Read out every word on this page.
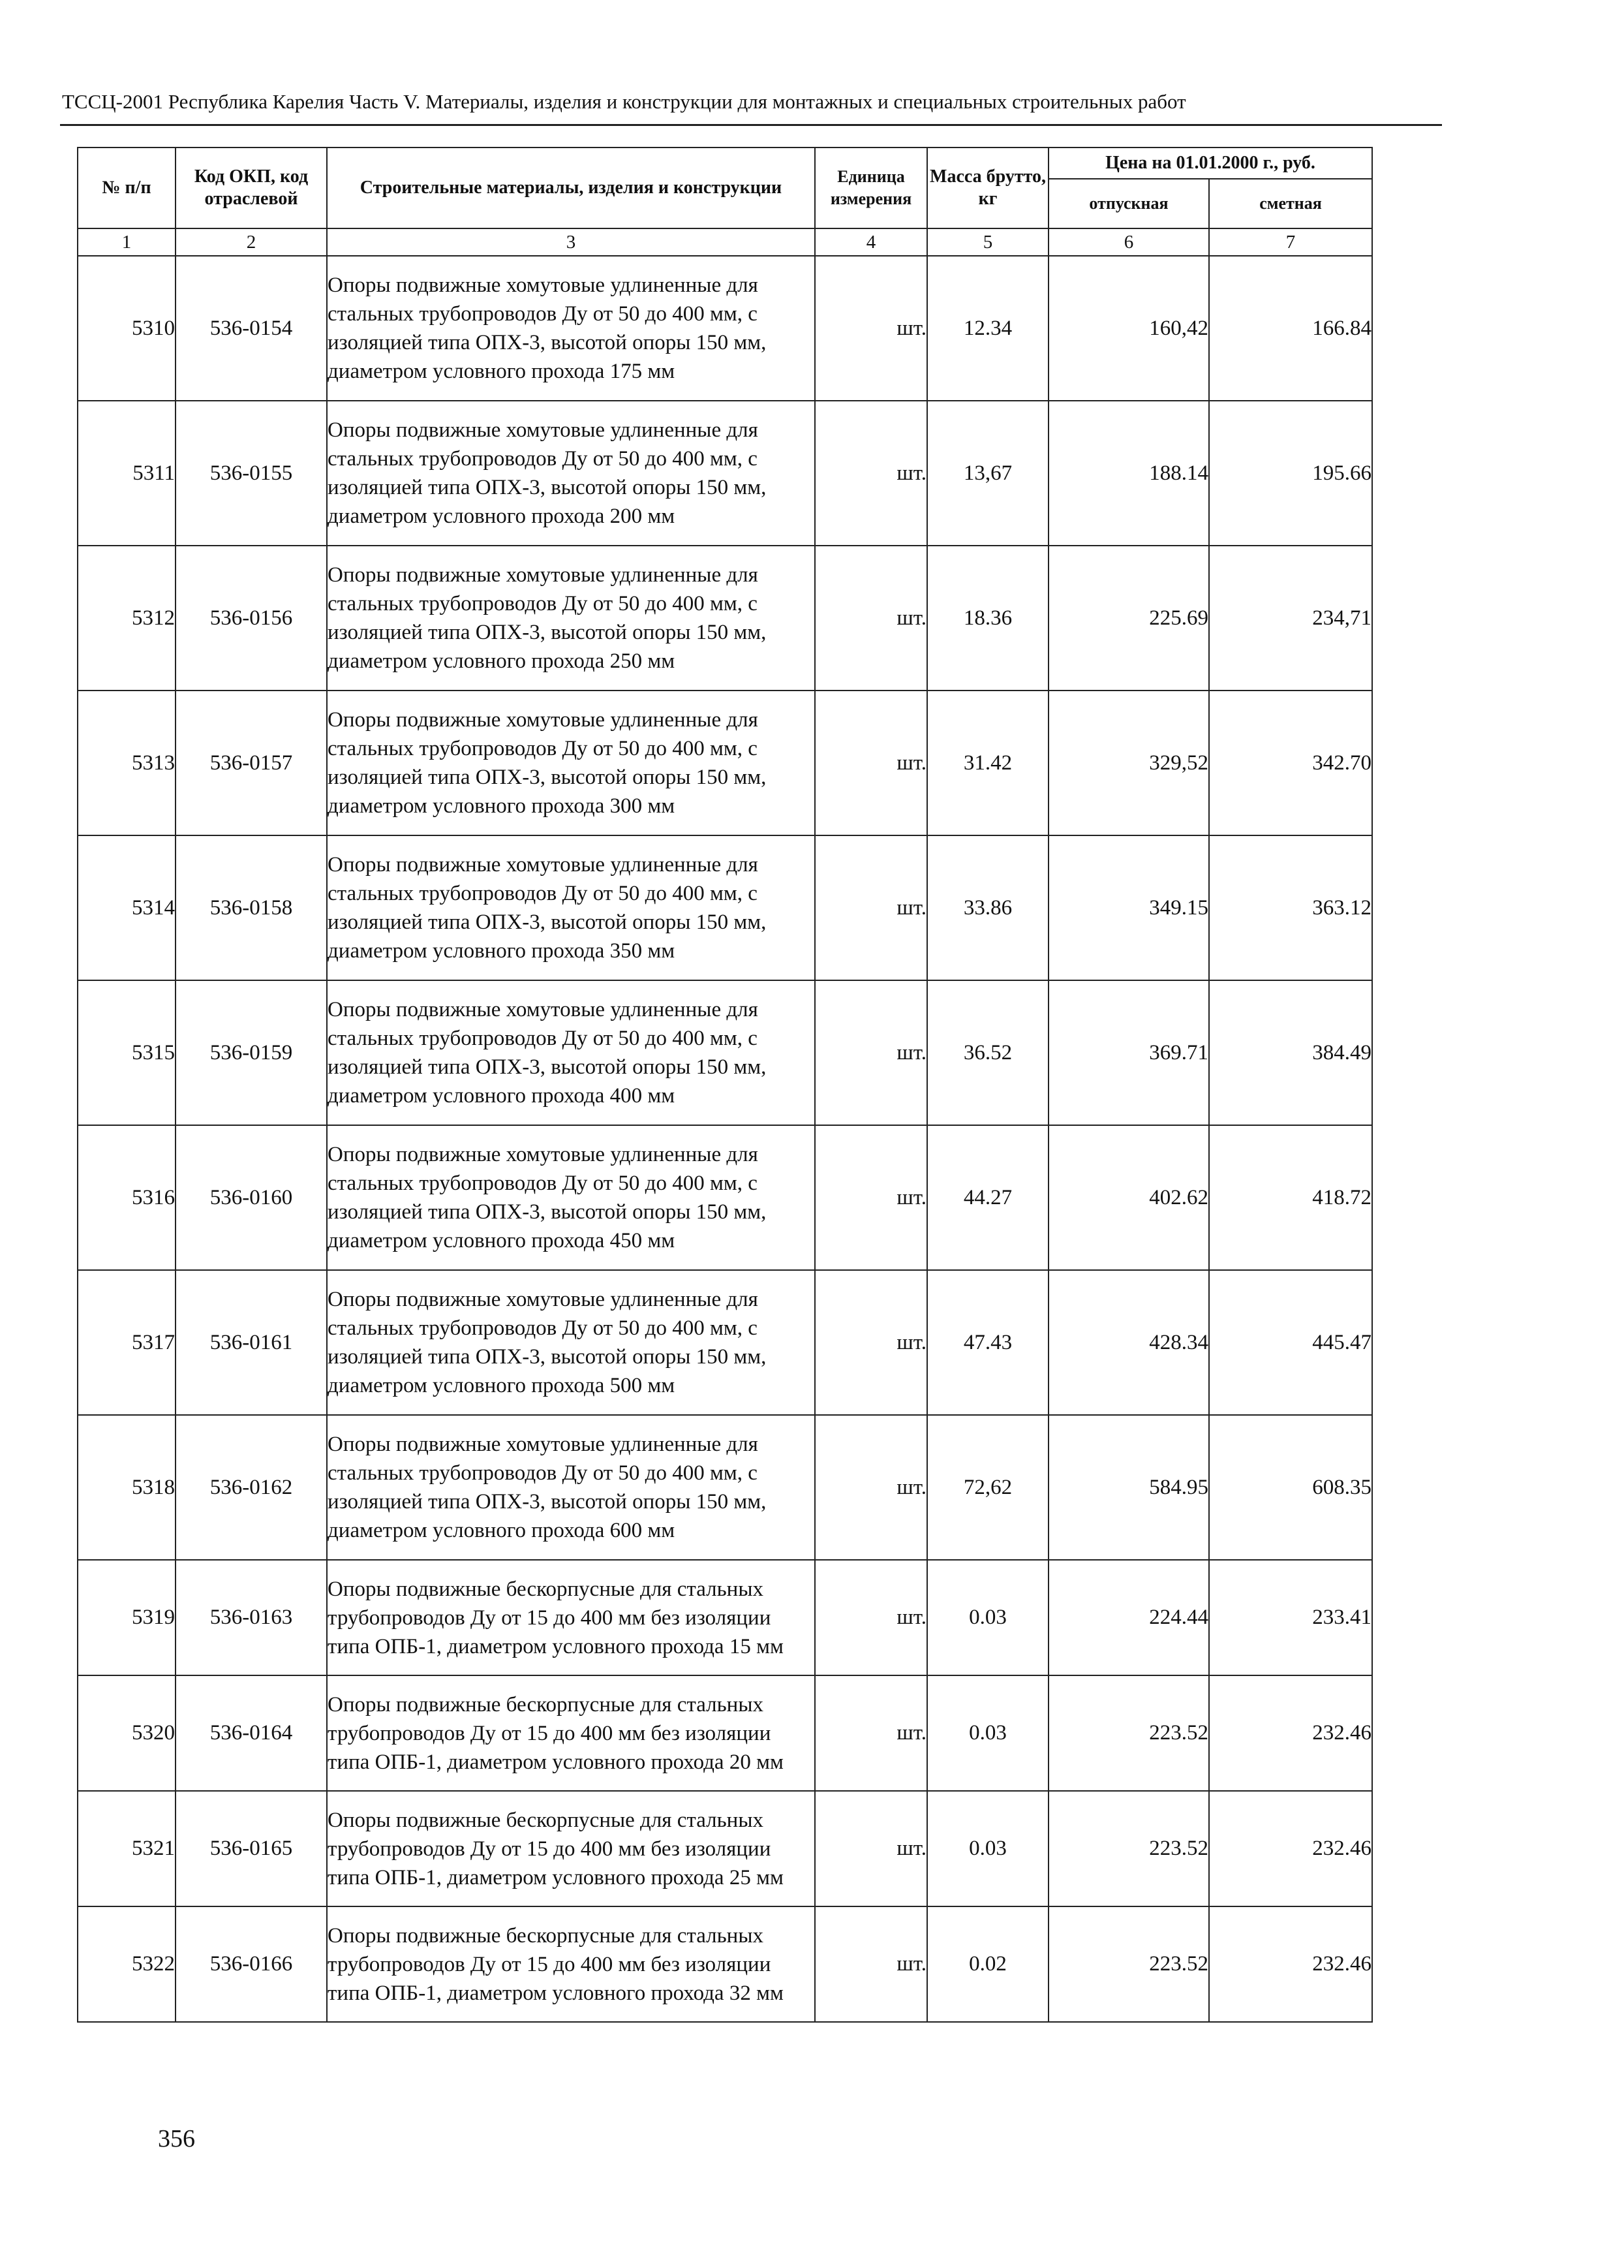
ТССЦ-2001 Республика Карелия Часть V. Материалы, изделия и конструкции для монтажных и специальных строительных работ
№ п/п	Код ОКП, код отраслевой	Строительные материалы, изделия и конструкции	Единица измерения	Масса брутто, кг	Цена на 01.01.2000 г., руб.	
					отпускная	сметная
1	2	3	4	5	6	7
5310	536-0154	Опоры подвижные хомутовые удлиненные для стальных трубопроводов Ду от 50 до 400 мм, с изоляцией типа ОПХ-3, высотой опоры 150 мм, диаметром условного прохода 175 мм	шт.	12.34	160,42	166.84
5311	536-0155	Опоры подвижные хомутовые удлиненные для стальных трубопроводов Ду от 50 до 400 мм, с изоляцией типа ОПХ-3, высотой опоры 150 мм, диаметром условного прохода 200 мм	шт.	13,67	188.14	195.66
5312	536-0156	Опоры подвижные хомутовые удлиненные для стальных трубопроводов Ду от 50 до 400 мм, с изоляцией типа ОПХ-3, высотой опоры 150 мм, диаметром условного прохода 250 мм	шт.	18.36	225.69	234,71
5313	536-0157	Опоры подвижные хомутовые удлиненные для стальных трубопроводов Ду от 50 до 400 мм, с изоляцией типа ОПХ-3, высотой опоры 150 мм, диаметром условного прохода 300 мм	шт.	31.42	329,52	342.70
5314	536-0158	Опоры подвижные хомутовые удлиненные для стальных трубопроводов Ду от 50 до 400 мм, с изоляцией типа ОПХ-3, высотой опоры 150 мм, диаметром условного прохода 350 мм	шт.	33.86	349.15	363.12
5315	536-0159	Опоры подвижные хомутовые удлиненные для стальных трубопроводов Ду от 50 до 400 мм, с изоляцией типа ОПХ-3, высотой опоры 150 мм, диаметром условного прохода 400 мм	шт.	36.52	369.71	384.49
5316	536-0160	Опоры подвижные хомутовые удлиненные для стальных трубопроводов Ду от 50 до 400 мм, с изоляцией типа ОПХ-3, высотой опоры 150 мм, диаметром условного прохода 450 мм	шт.	44.27	402.62	418.72
5317	536-0161	Опоры подвижные хомутовые удлиненные для стальных трубопроводов Ду от 50 до 400 мм, с изоляцией типа ОПХ-3, высотой опоры 150 мм, диаметром условного прохода 500 мм	шт.	47.43	428.34	445.47
5318	536-0162	Опоры подвижные хомутовые удлиненные для стальных трубопроводов Ду от 50 до 400 мм, с изоляцией типа ОПХ-3, высотой опоры 150 мм, диаметром условного прохода 600 мм	шт.	72,62	584.95	608.35
5319	536-0163	Опоры подвижные бескорпусные для стальных трубопроводов Ду от 15 до 400 мм без изоляции типа ОПБ-1, диаметром условного прохода 15 мм	шт.	0.03	224.44	233.41
5320	536-0164	Опоры подвижные бескорпусные для стальных трубопроводов Ду от 15 до 400 мм без изоляции типа ОПБ-1, диаметром условного прохода 20 мм	шт.	0.03	223.52	232.46
5321	536-0165	Опоры подвижные бескорпусные для стальных трубопроводов Ду от 15 до 400 мм без изоляции типа ОПБ-1, диаметром условного прохода 25 мм	шт.	0.03	223.52	232.46
5322	536-0166	Опоры подвижные бескорпусные для стальных трубопроводов Ду от 15 до 400 мм без изоляции типа ОПБ-1, диаметром условного прохода 32 мм	шт.	0.02	223.52	232.46
356
